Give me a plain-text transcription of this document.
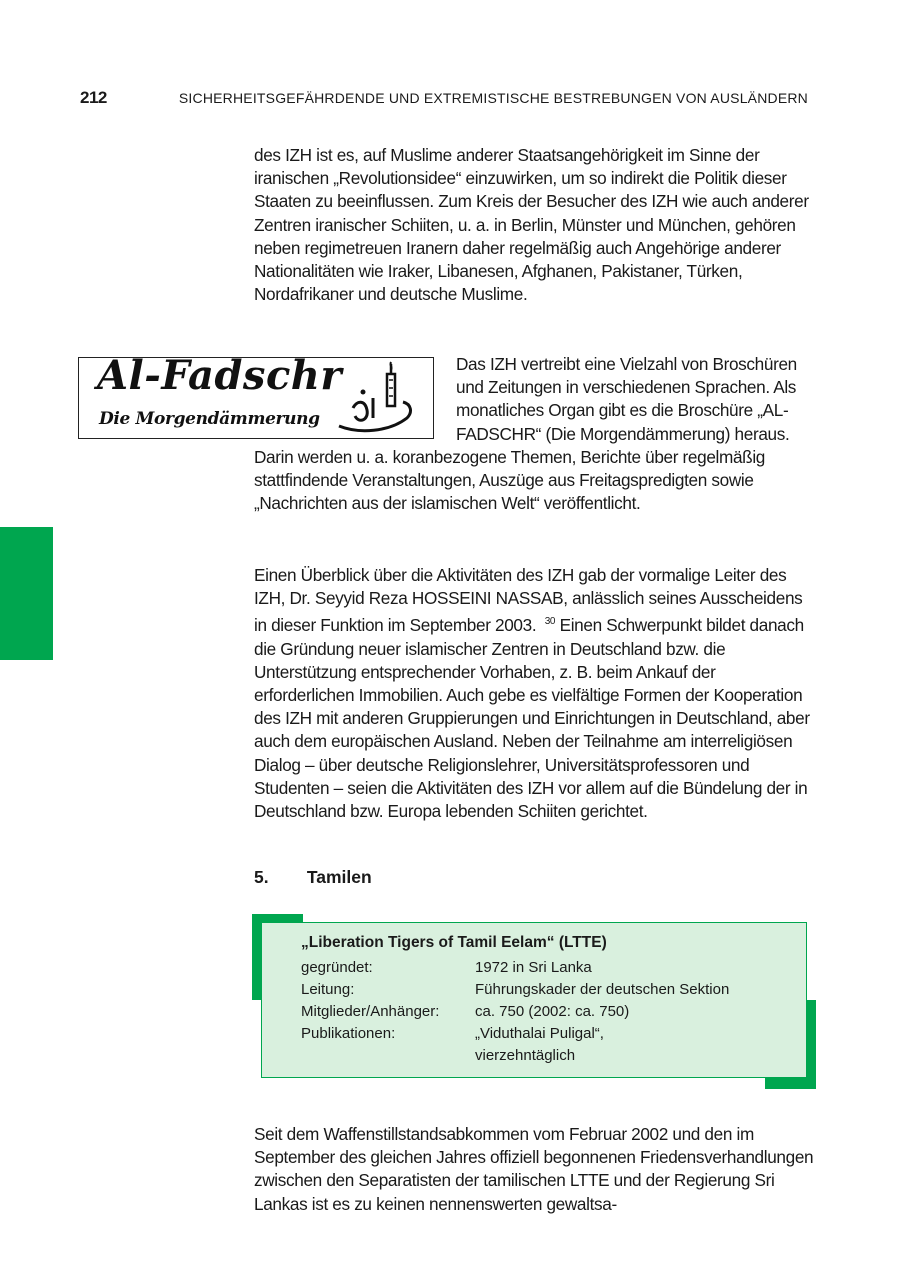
212	SICHERHEITSGEFÄHRDENDE UND EXTREMISTISCHE BESTREBUNGEN VON AUSLÄNDERN
des IZH ist es, auf Muslime anderer Staatsangehörigkeit im Sinne der iranischen „Revolutionsidee“ einzuwirken, um so indirekt die Politik dieser Staaten zu beeinflussen. Zum Kreis der Besucher des IZH wie auch anderer Zentren iranischer Schiiten, u. a. in Berlin, Münster und München, gehören neben regimetreuen Iranern daher regelmäßig auch Angehörige anderer Nationalitäten wie Iraker, Libanesen, Afghanen, Pakistaner, Türken, Nordafrikaner und deutsche Muslime.
Al-Fadschr
Die Morgendämmerung
Das IZH vertreibt eine Vielzahl von Broschüren und Zeitungen in verschiedenen Sprachen. Als monatliches Organ gibt es die Broschüre „AL-FADSCHR“ (Die Morgendämmerung) heraus. Darin werden u. a. koranbezogene Themen, Berichte über regelmäßig stattfindende Veranstaltungen, Auszüge aus Freitagspredigten sowie „Nachrichten aus der islamischen Welt“ veröffentlicht.
Einen Überblick über die Aktivitäten des IZH gab der vormalige Leiter des IZH, Dr. Seyyid Reza HOSSEINI NASSAB, anlässlich seines Ausscheidens in dieser Funktion im September 2003. $^{30}$ Einen Schwerpunkt bildet danach die Gründung neuer islamischer Zentren in Deutschland bzw. die Unterstützung entsprechender Vorhaben, z. B. beim Ankauf der erforderlichen Immobilien. Auch gebe es vielfältige Formen der Kooperation des IZH mit anderen Gruppierungen und Einrichtungen in Deutschland, aber auch dem europäischen Ausland. Neben der Teilnahme am interreligiösen Dialog – über deutsche Religionslehrer, Universitätsprofessoren und Studenten – seien die Aktivitäten des IZH vor allem auf die Bündelung der in Deutschland bzw. Europa lebenden Schiiten gerichtet.
5. Tamilen
„Liberation Tigers of Tamil Eelam“ (LTTE)
gegründet:	1972 in Sri Lanka
Leitung:	Führungskader der deutschen Sektion
Mitglieder/Anhänger:	ca. 750 (2002: ca. 750)
Publikationen:	„Viduthalai Puligal“,
vierzehntäglich
Seit dem Waffenstillstandsabkommen vom Februar 2002 und den im September des gleichen Jahres offiziell begonnenen Friedensverhandlungen zwischen den Separatisten der tamilischen LTTE und der Regierung Sri Lankas ist es zu keinen nennenswerten gewaltsa-
